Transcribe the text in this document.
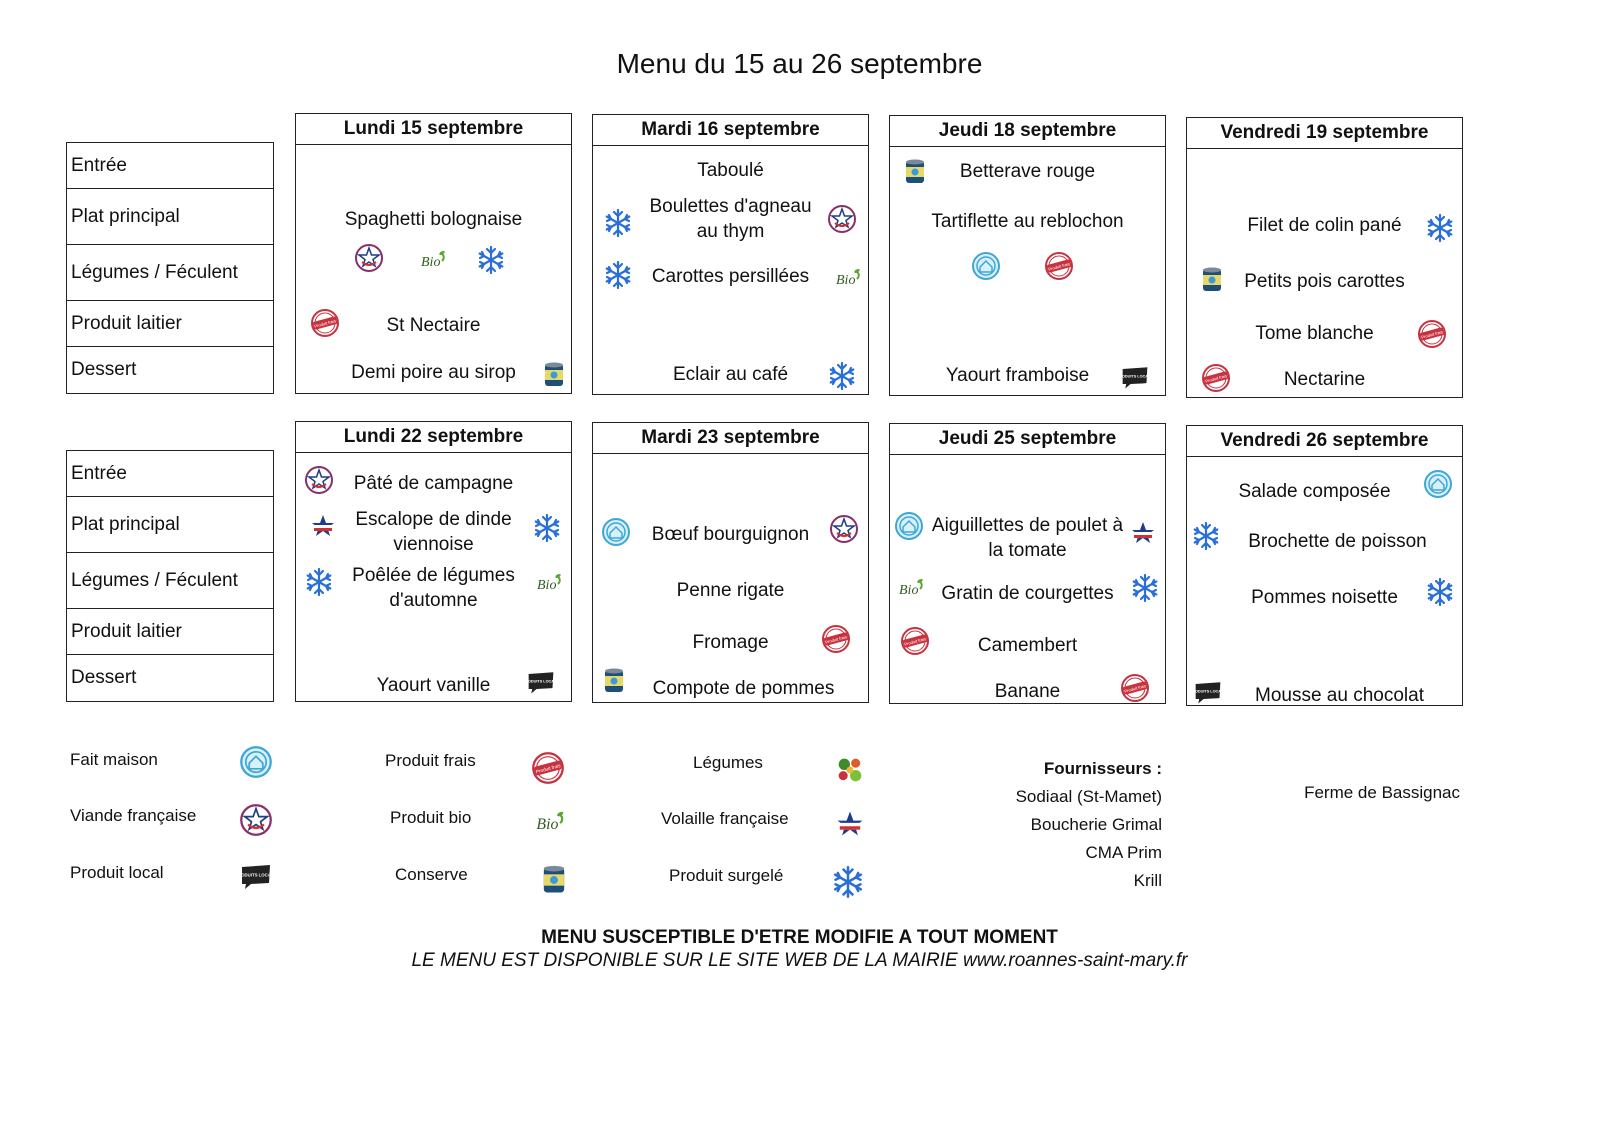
Menu du 15 au 26 septembre
Entrée
Plat principal
Légumes / Féculent
Produit laitier
Dessert
Lundi 15 septembre
Spaghetti bolognaise
St Nectaire
Demi poire au sirop
Bio
Produit frais
Mardi 16 septembre
Taboulé
Boulettes d'agneau au thym
Carottes persillées
Eclair au café
Bio
Jeudi 18 septembre
Betterave rouge
Tartiflette au reblochon
Yaourt framboise
Produit frais
PRODUITS LOCAUX
Vendredi 19 septembre
Filet de colin pané
Petits pois carottes
Tome blanche
Nectarine
Produit frais
Produit frais
Entrée
Plat principal
Légumes / Féculent
Produit laitier
Dessert
Lundi 22 septembre
Pâté de campagne
Escalope de dinde viennoise
Poêlée de légumes d'automne
Yaourt vanille
Bio
PRODUITS LOCAUX
Mardi 23 septembre
Bœuf bourguignon
Penne rigate
Fromage
Compote de pommes
Produit frais
Jeudi 25 septembre
Aiguillettes de poulet à la tomate
Gratin de courgettes
Camembert
Banane
Bio
Produit frais
Produit frais
Vendredi 26 septembre
Salade composée
Brochette de poisson
Pommes noisette
Mousse au chocolat
PRODUITS LOCAUX
Fait maison
Viande française
Produit local	PRODUITS LOCAUX
Produit frais	Produit frais
Produit bio	Bio
Conserve
Légumes
Volaille française
Produit surgelé
Fournisseurs :
Sodiaal (St-Mamet)
Boucherie Grimal
CMA Prim
Krill
Ferme de Bassignac
MENU SUSCEPTIBLE D'ETRE MODIFIE A TOUT MOMENT
LE MENU EST DISPONIBLE SUR LE SITE WEB DE LA MAIRIE www.roannes-saint-mary.fr
